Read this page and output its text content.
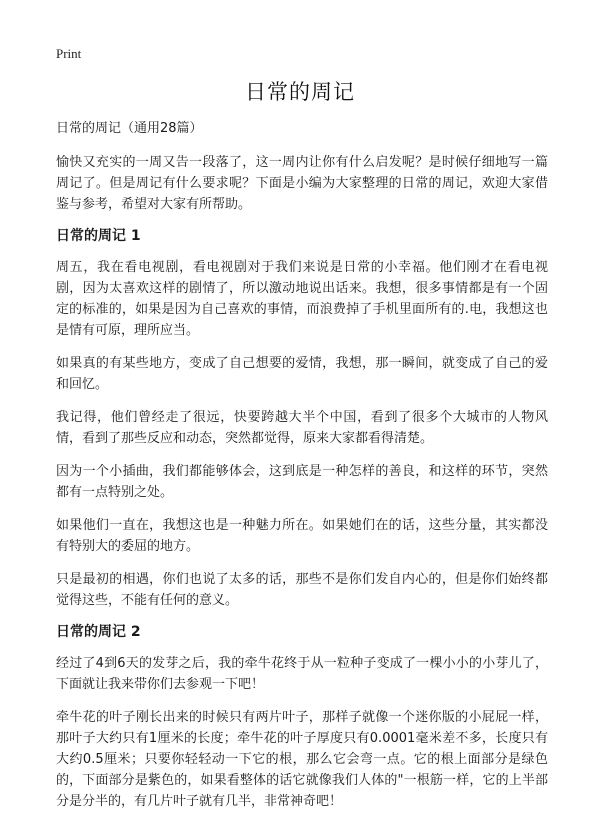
Print
日常的周记
日常的周记（通用28篇）

愉快又充实的一周又告一段落了，这一周内让你有什么启发呢？是时候仔细地写一篇周记了。但是周记有什么要求呢？下面是小编为大家整理的日常的周记，欢迎大家借鉴与参考，希望对大家有所帮助。

日常的周记 1

周五，我在看电视剧，看电视剧对于我们来说是日常的小幸福。他们刚才在看电视剧，因为太喜欢这样的剧情了，所以激动地说出话来。我想，很多事情都是有一个固定的标准的，如果是因为自己喜欢的事情，而浪费掉了手机里面所有的.电，我想这也是情有可原，理所应当。

如果真的有某些地方，变成了自己想要的爱情，我想，那一瞬间，就变成了自己的爱和回忆。

我记得，他们曾经走了很远，快要跨越大半个中国，看到了很多个大城市的人物风情，看到了那些反应和动态，突然都觉得，原来大家都看得清楚。

因为一个小插曲，我们都能够体会，这到底是一种怎样的善良，和这样的环节，突然都有一点特别之处。

如果他们一直在，我想这也是一种魅力所在。如果她们在的话，这些分量，其实都没有特别大的委屈的地方。

只是最初的相遇，你们也说了太多的话，那些不是你们发自内心的，但是你们始终都觉得这些，不能有任何的意义。

日常的周记 2

经过了4到6天的发芽之后，我的牵牛花终于从一粒种子变成了一棵小小的小芽儿了，下面就让我来带你们去参观一下吧！

牵牛花的叶子刚长出来的时候只有两片叶子，那样子就像一个迷你版的小屁屁一样，那叶子大约只有1厘米的长度；牵牛花的叶子厚度只有0.0001毫米差不多，长度只有大约0.5厘米；只要你轻轻动一下它的根，那么它会弯一点。它的根上面部分是绿色的，下面部分是紫色的，如果看整体的话它就像我们人体的"一根筋一样，它的上半部分是分半的，有几片叶子就有几半，非常神奇吧！
